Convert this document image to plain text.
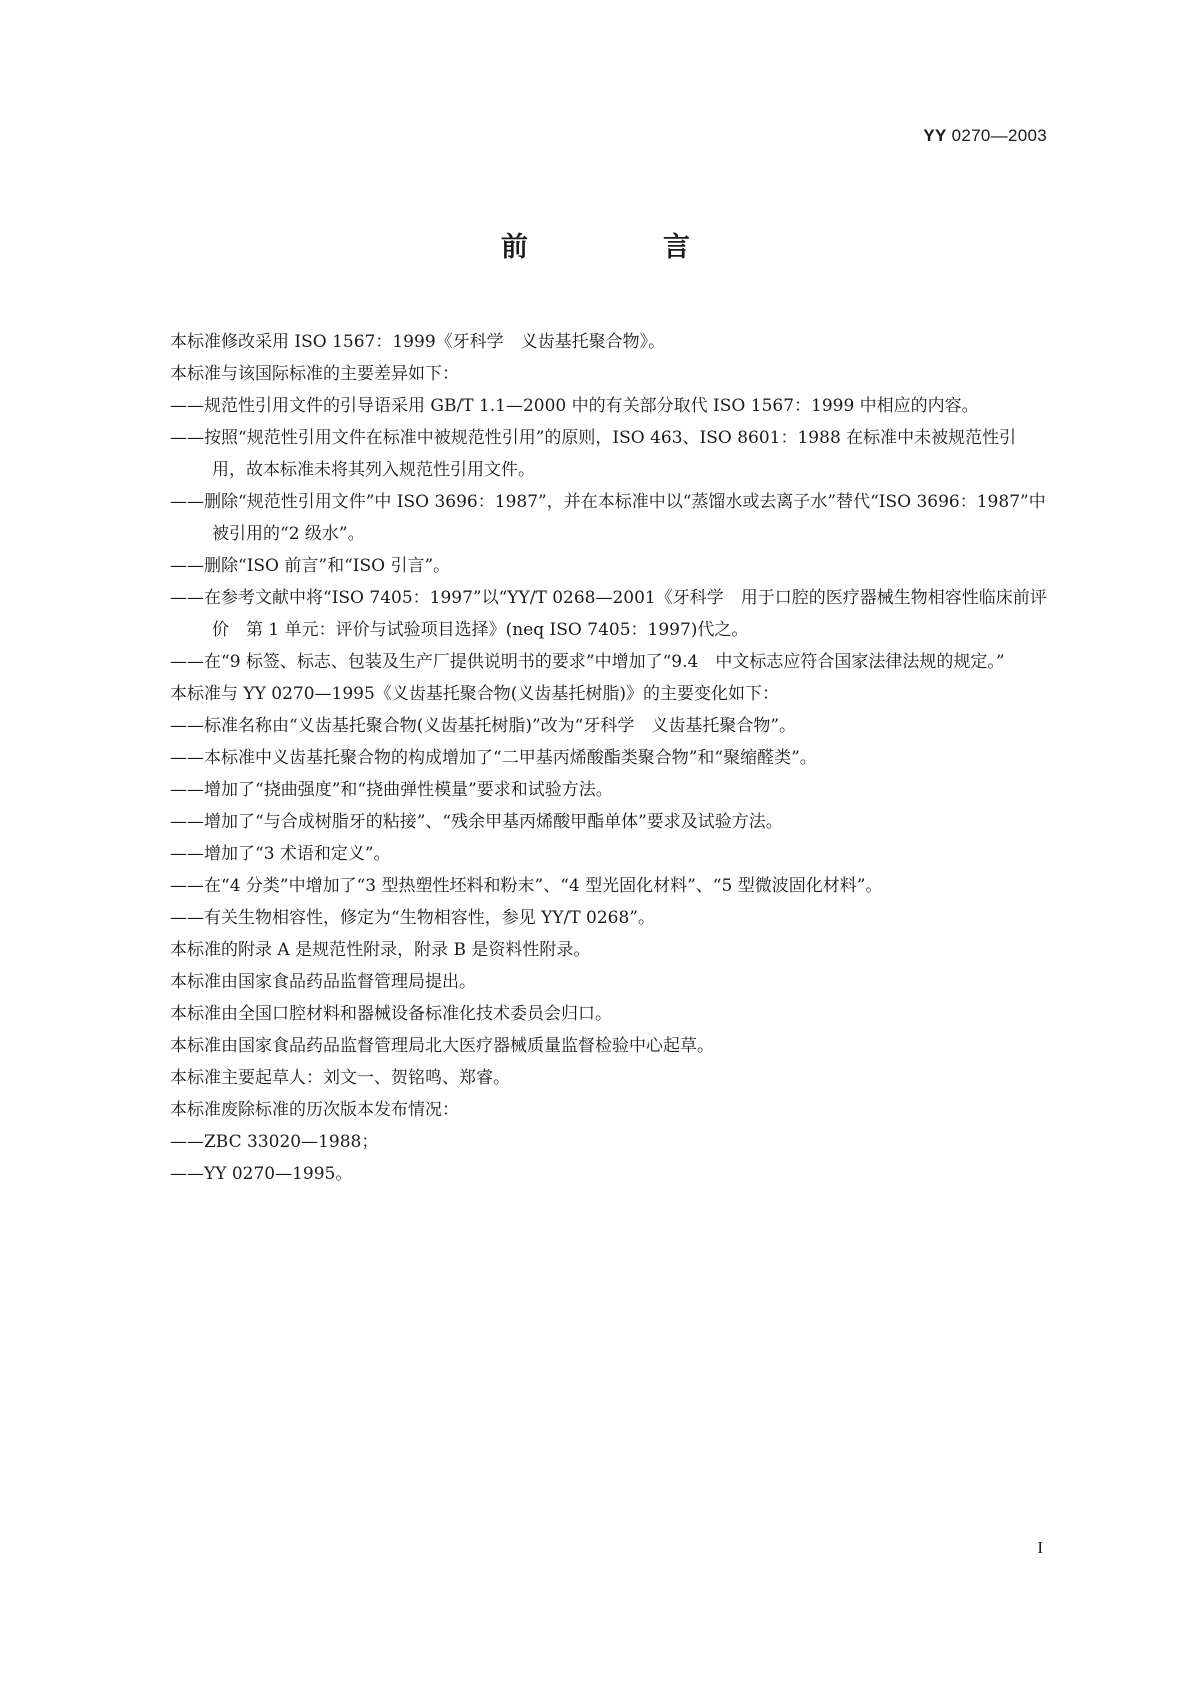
YY 0270—2003
前　言

本标准修改采用 ISO 1567：1999《牙科学　义齿基托聚合物》。

本标准与该国际标准的主要差异如下：

——规范性引用文件的引导语采用 GB/T 1.1—2000 中的有关部分取代 ISO 1567：1999 中相应的内容。

——按照“规范性引用文件在标准中被规范性引用”的原则，ISO 463、ISO 8601：1988 在标准中未被规范性引用，故本标准未将其列入规范性引用文件。

——删除“规范性引用文件”中 ISO 3696：1987”，并在本标准中以“蒸馏水或去离子水”替代“ISO 3696：1987”中被引用的“2 级水”。

——删除“ISO 前言”和“ISO 引言”。

——在参考文献中将“ISO 7405：1997”以“YY/T 0268—2001《牙科学　用于口腔的医疗器械生物相容性临床前评价　第 1 单元：评价与试验项目选择》(neq ISO 7405：1997)代之。

——在“9 标签、标志、包装及生产厂提供说明书的要求”中增加了“9.4　中文标志应符合国家法律法规的规定。”

本标准与 YY 0270—1995《义齿基托聚合物(义齿基托树脂)》的主要变化如下：

——标准名称由“义齿基托聚合物(义齿基托树脂)”改为“牙科学　义齿基托聚合物”。

——本标准中义齿基托聚合物的构成增加了“二甲基丙烯酸酯类聚合物”和“聚缩醛类”。

——增加了“挠曲强度”和“挠曲弹性模量”要求和试验方法。

——增加了“与合成树脂牙的粘接”、“残余甲基丙烯酸甲酯单体”要求及试验方法。

——增加了“3 术语和定义”。

——在“4 分类”中增加了“3 型热塑性坯料和粉末”、“4 型光固化材料”、“5 型微波固化材料”。

——有关生物相容性，修定为“生物相容性，参见 YY/T 0268”。

本标准的附录 A 是规范性附录，附录 B 是资料性附录。

本标准由国家食品药品监督管理局提出。

本标准由全国口腔材料和器械设备标准化技术委员会归口。

本标准由国家食品药品监督管理局北大医疗器械质量监督检验中心起草。

本标准主要起草人：刘文一、贺铭鸣、郑睿。

本标准废除标准的历次版本发布情况：

——ZBC 33020—1988；

——YY 0270—1995。

I
